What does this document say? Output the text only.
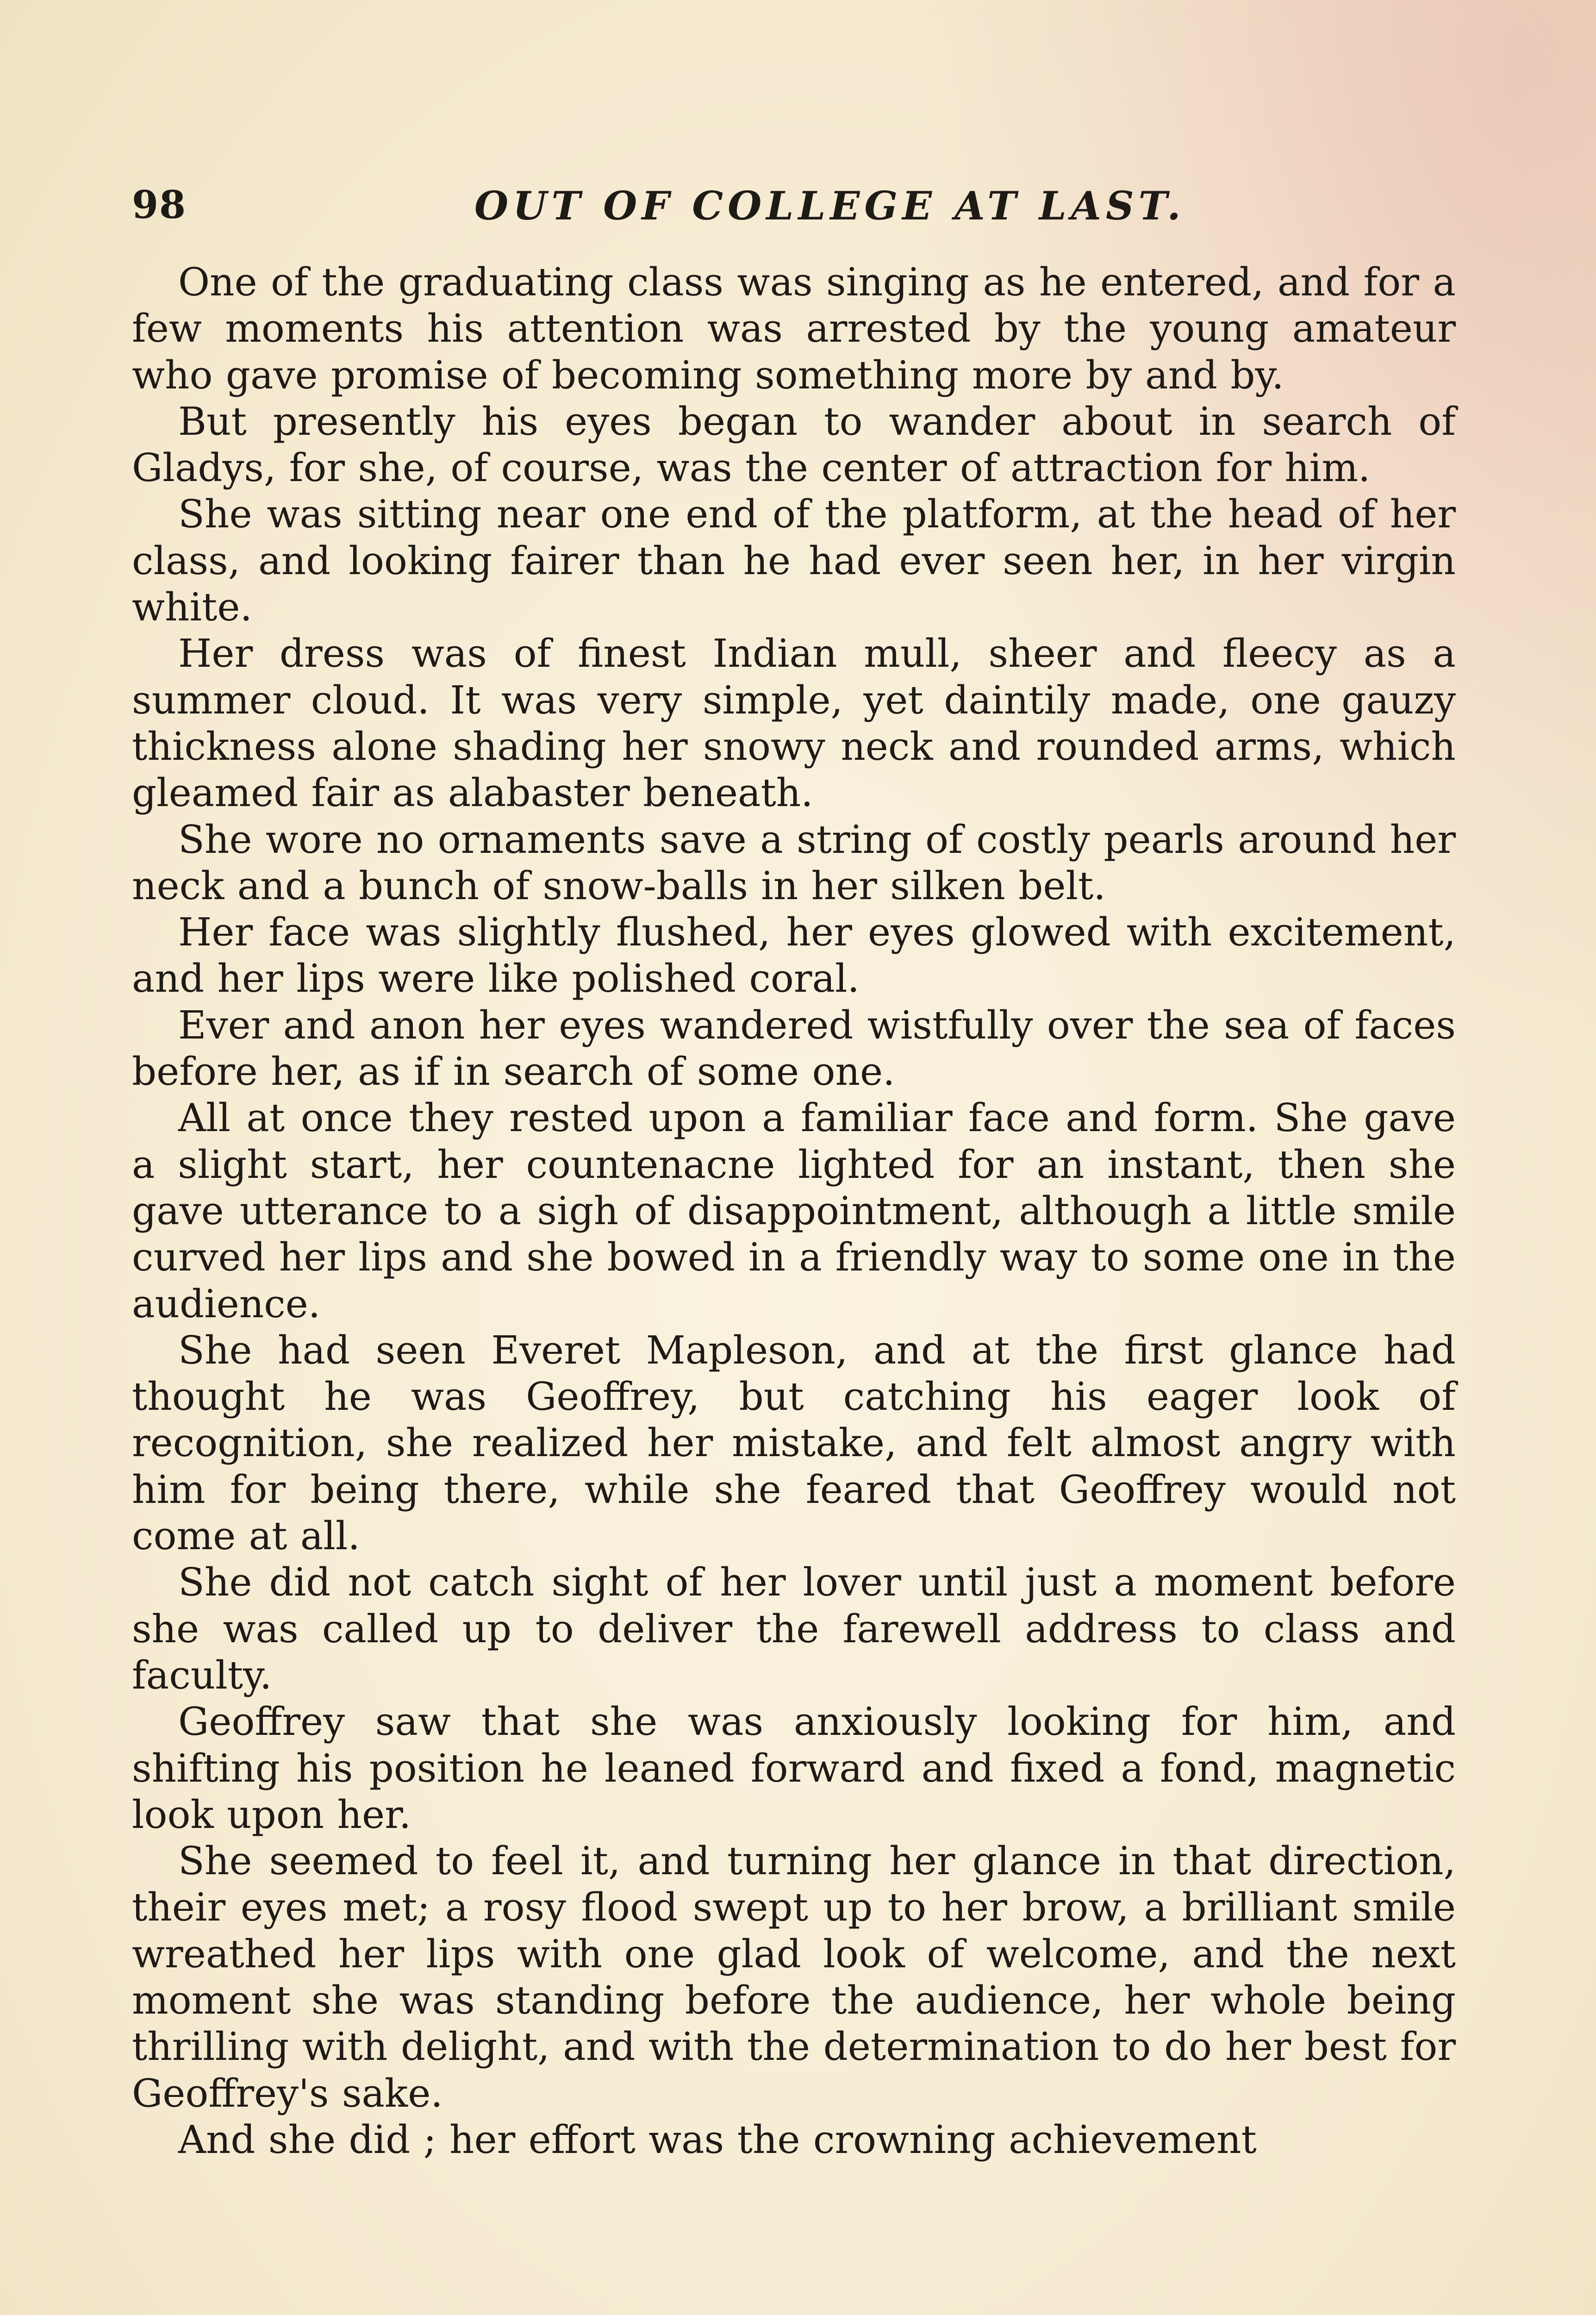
98	OUT OF COLLEGE AT LAST.

One of the graduating class was singing as he entered, and for a few moments his attention was arrested by the young amateur who gave promise of becoming something more by and by.

But presently his eyes began to wander about in search of Gladys, for she, of course, was the center of attraction for him.

She was sitting near one end of the platform, at the head of her class, and looking fairer than he had ever seen her, in her virgin white.

Her dress was of finest Indian mull, sheer and fleecy as a summer cloud. It was very simple, yet daintily made, one gauzy thickness alone shading her snowy neck and rounded arms, which gleamed fair as alabaster beneath.

She wore no ornaments save a string of costly pearls around her neck and a bunch of snow-balls in her silken belt.

Her face was slightly flushed, her eyes glowed with excitement, and her lips were like polished coral.

Ever and anon her eyes wandered wistfully over the sea of faces before her, as if in search of some one.

All at once they rested upon a familiar face and form. She gave a slight start, her countenacne lighted for an instant, then she gave utterance to a sigh of disappointment, although a little smile curved her lips and she bowed in a friendly way to some one in the audience.

She had seen Everet Mapleson, and at the first glance had thought he was Geoffrey, but catching his eager look of recognition, she realized her mistake, and felt almost angry with him for being there, while she feared that Geoffrey would not come at all.

She did not catch sight of her lover until just a moment before she was called up to deliver the farewell address to class and faculty.

Geoffrey saw that she was anxiously looking for him, and shifting his position he leaned forward and fixed a fond, magnetic look upon her.

She seemed to feel it, and turning her glance in that direction, their eyes met; a rosy flood swept up to her brow, a brilliant smile wreathed her lips with one glad look of welcome, and the next moment she was standing before the audience, her whole being thrilling with delight, and with the determination to do her best for Geoffrey's sake.

And she did ; her effort was the crowning achievement
